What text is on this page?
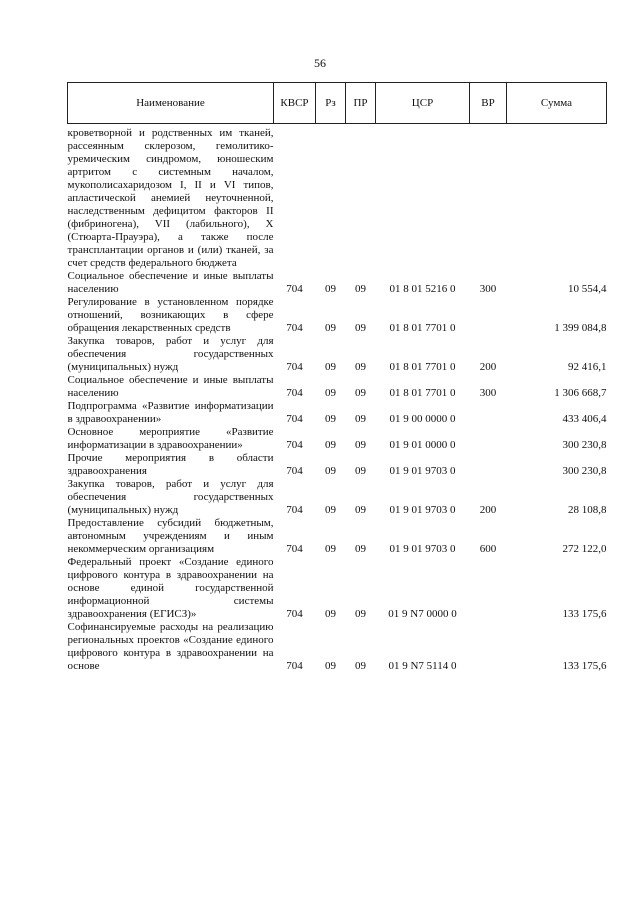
56
Наименование	КВСР	Рз	ПР	ЦСР	ВР	Сумма
кроветворной и родственных им тканей, рассеянным склерозом, гемолитико-уремическим синдромом, юношеским артритом с системным началом, мукополисахаридозом I, II и VI типов, апластической анемией неуточненной, наследственным дефицитом факторов II (фибриногена), VII (лабильного), X (Стюарта-Прауэра), а также после трансплантации органов и (или) тканей, за счет средств федерального бюджета						
Социальное обеспечение и иные выплаты населению	704	09	09	01 8 01 5216 0	300	10 554,4
Регулирование в установленном порядке отношений, возникающих в сфере обращения лекарственных средств	704	09	09	01 8 01 7701 0		1 399 084,8
Закупка товаров, работ и услуг для обеспечения государственных (муниципальных) нужд	704	09	09	01 8 01 7701 0	200	92 416,1
Социальное обеспечение и иные выплаты населению	704	09	09	01 8 01 7701 0	300	1 306 668,7
Подпрограмма «Развитие информатизации в здравоохранении»	704	09	09	01 9 00 0000 0		433 406,4
Основное мероприятие «Развитие информатизации в здравоохранении»	704	09	09	01 9 01 0000 0		300 230,8
Прочие мероприятия в области здравоохранения	704	09	09	01 9 01 9703 0		300 230,8
Закупка товаров, работ и услуг для обеспечения государственных (муниципальных) нужд	704	09	09	01 9 01 9703 0	200	28 108,8
Предоставление субсидий бюджетным, автономным учреждениям и иным некоммерческим организациям	704	09	09	01 9 01 9703 0	600	272 122,0
Федеральный проект «Создание единого цифрового контура в здравоохранении на основе единой государственной информационной системы здравоохранения (ЕГИСЗ)»	704	09	09	01 9 N7 0000 0		133 175,6
Софинансируемые расходы на реализацию региональных проектов «Создание единого цифрового контура в здравоохранении на основе	704	09	09	01 9 N7 5114 0		133 175,6
